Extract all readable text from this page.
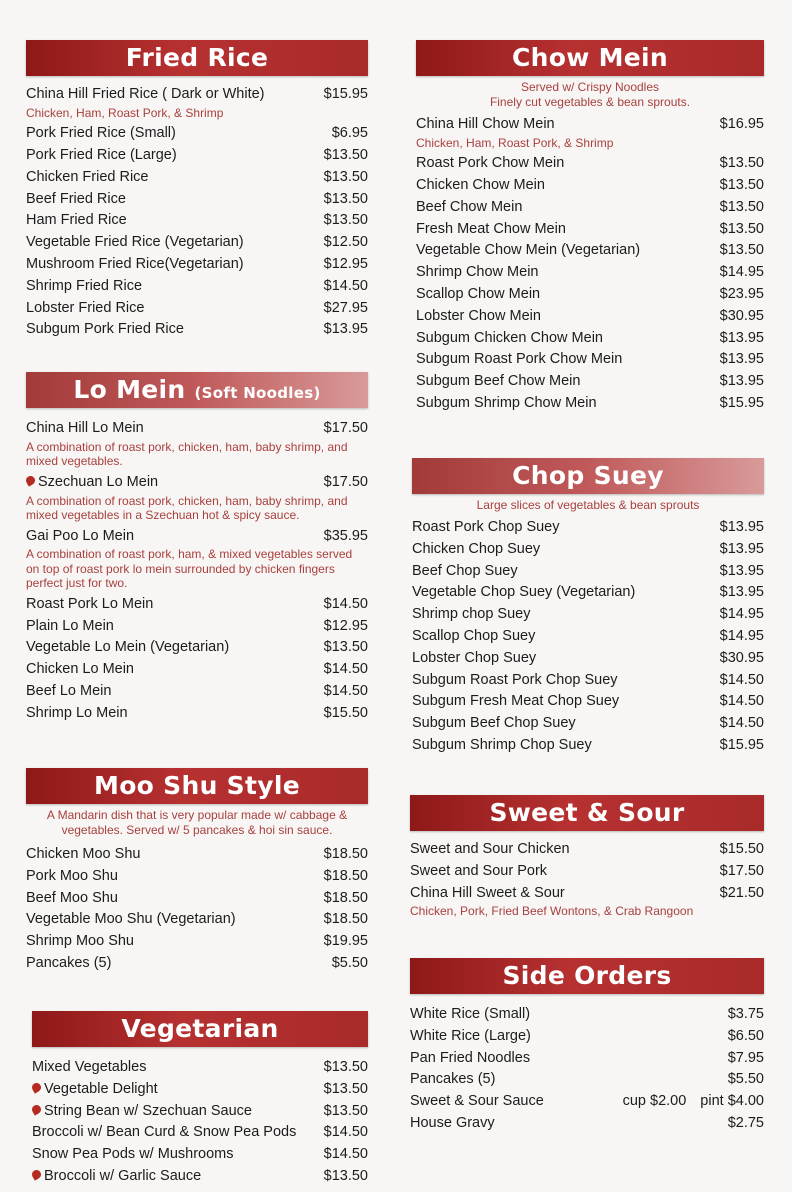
Fried Rice
China Hill Fried Rice ( Dark or White)	$15.95
Chicken, Ham, Roast Pork, & Shrimp
Pork Fried Rice (Small)	$6.95
Pork Fried Rice (Large)	$13.50
Chicken Fried Rice	$13.50
Beef Fried Rice	$13.50
Ham Fried Rice	$13.50
Vegetable Fried Rice (Vegetarian)	$12.50
Mushroom Fried Rice(Vegetarian)	$12.95
Shrimp Fried Rice	$14.50
Lobster Fried Rice	$27.95
Subgum Pork Fried Rice	$13.95
Lo Mein (Soft Noodles)
China Hill Lo Mein	$17.50
A combination of roast pork, chicken, ham, baby shrimp, and mixed vegetables.
Szechuan Lo Mein	$17.50
A combination of roast pork, chicken, ham, baby shrimp, and mixed vegetables in a Szechuan hot & spicy sauce.
Gai Poo Lo Mein	$35.95
A combination of roast pork, ham, & mixed vegetables served on top of roast pork lo mein surrounded by chicken fingers perfect just for two.
Roast Pork Lo Mein	$14.50
Plain Lo Mein	$12.95
Vegetable Lo Mein (Vegetarian)	$13.50
Chicken Lo Mein	$14.50
Beef Lo Mein	$14.50
Shrimp Lo Mein	$15.50
Moo Shu Style
A Mandarin dish that is very popular made w/ cabbage & vegetables. Served w/ 5 pancakes & hoi sin sauce.
Chicken Moo Shu	$18.50
Pork Moo Shu	$18.50
Beef Moo Shu	$18.50
Vegetable Moo Shu (Vegetarian)	$18.50
Shrimp Moo Shu	$19.95
Pancakes (5)	$5.50
Vegetarian
Mixed Vegetables	$13.50
Vegetable Delight	$13.50
String Bean w/ Szechuan Sauce	$13.50
Broccoli w/ Bean Curd & Snow Pea Pods	$14.50
Snow Pea Pods w/ Mushrooms	$14.50
Broccoli w/ Garlic Sauce	$13.50
Chow Mein
Served w/ Crispy Noodles
Finely cut vegetables & bean sprouts.
China Hill Chow Mein	$16.95
Chicken, Ham, Roast Pork, & Shrimp
Roast Pork Chow Mein	$13.50
Chicken Chow Mein	$13.50
Beef Chow Mein	$13.50
Fresh Meat Chow Mein	$13.50
Vegetable Chow Mein (Vegetarian)	$13.50
Shrimp Chow Mein	$14.95
Scallop Chow Mein	$23.95
Lobster Chow Mein	$30.95
Subgum Chicken Chow Mein	$13.95
Subgum Roast Pork Chow Mein	$13.95
Subgum Beef Chow Mein	$13.95
Subgum Shrimp Chow Mein	$15.95
Chop Suey
Large slices of vegetables & bean sprouts
Roast Pork Chop Suey	$13.95
Chicken Chop Suey	$13.95
Beef Chop Suey	$13.95
Vegetable Chop Suey (Vegetarian)	$13.95
Shrimp chop Suey	$14.95
Scallop Chop Suey	$14.95
Lobster Chop Suey	$30.95
Subgum Roast Pork Chop Suey	$14.50
Subgum Fresh Meat Chop Suey	$14.50
Subgum Beef Chop Suey	$14.50
Subgum Shrimp Chop Suey	$15.95
Sweet & Sour
Sweet and Sour Chicken	$15.50
Sweet and Sour Pork	$17.50
China Hill Sweet & Sour	$21.50
Chicken, Pork, Fried Beef Wontons, & Crab Rangoon
Side Orders
White Rice (Small)	$3.75
White Rice (Large)	$6.50
Pan Fried Noodles	$7.95
Pancakes (5)	$5.50
Sweet & Sour Sauce	cup $2.00 pint $4.00
House Gravy	$2.75
